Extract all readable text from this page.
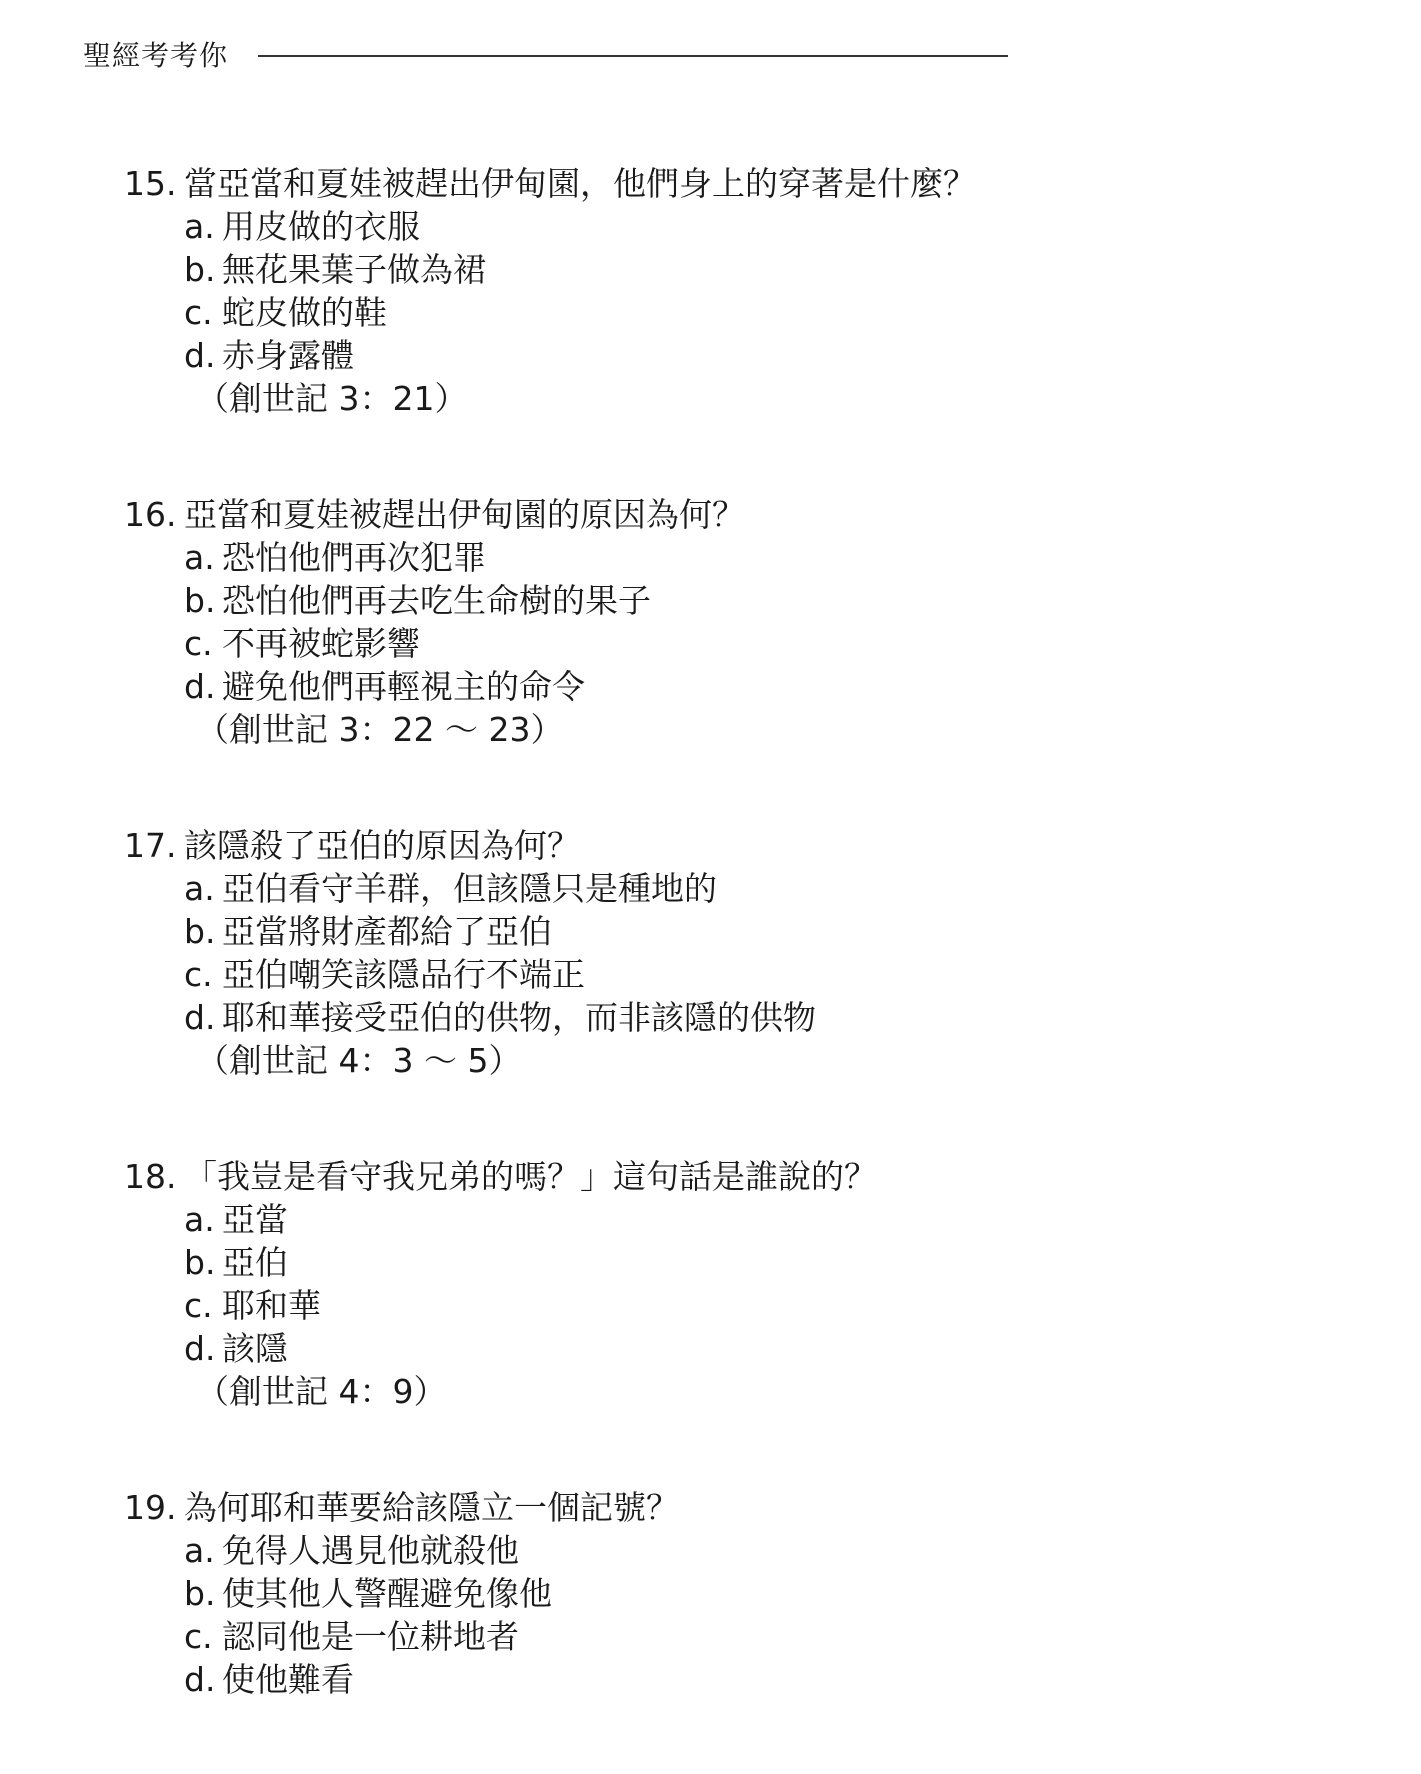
聖經考考你
15. 當亞當和夏娃被趕出伊甸園，他們身上的穿著是什麼？
a. 用皮做的衣服
b. 無花果葉子做為裙
c. 蛇皮做的鞋
d. 赤身露體
（創世記 3：21）
16. 亞當和夏娃被趕出伊甸園的原因為何？
a. 恐怕他們再次犯罪
b. 恐怕他們再去吃生命樹的果子
c. 不再被蛇影響
d. 避免他們再輕視主的命令
（創世記 3：22 ～ 23）
17. 該隱殺了亞伯的原因為何？
a. 亞伯看守羊群，但該隱只是種地的
b. 亞當將財產都給了亞伯
c. 亞伯嘲笑該隱品行不端正
d. 耶和華接受亞伯的供物，而非該隱的供物
（創世記 4：3 ～ 5）
18. 「我豈是看守我兄弟的嗎？」這句話是誰說的？
a. 亞當
b. 亞伯
c. 耶和華
d. 該隱
（創世記 4：9）
19. 為何耶和華要給該隱立一個記號？
a. 免得人遇見他就殺他
b. 使其他人警醒避免像他
c. 認同他是一位耕地者
d. 使他難看
